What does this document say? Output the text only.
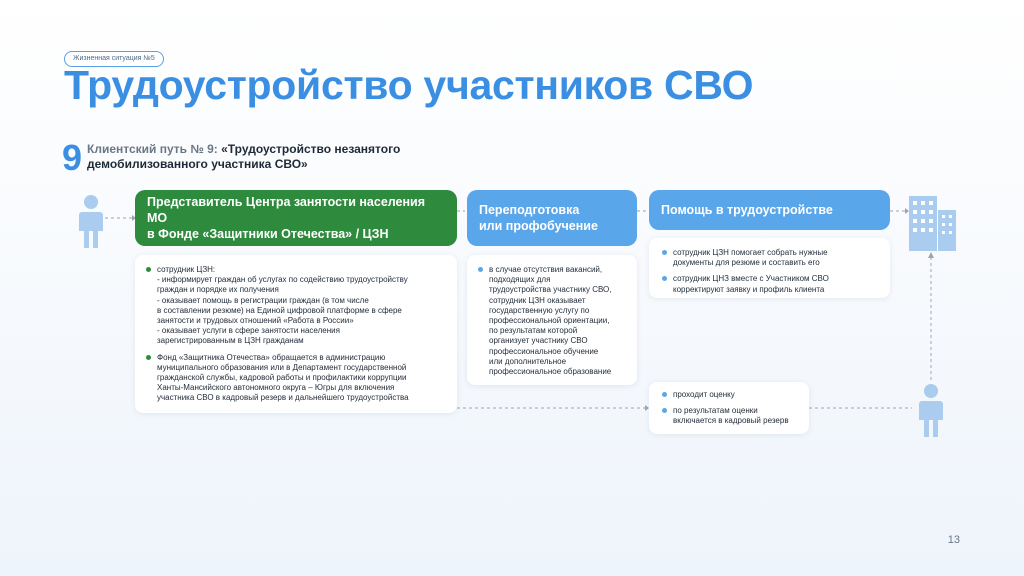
Жизненная ситуация №5
Трудоустройство участников СВО
9 Клиентский путь № 9: «Трудоустройство незанятого
демобилизованного участника СВО»
Представитель Центра занятости населения МО
в Фонде «Защитники Отечества» / ЦЗН
Переподготовка
или профобучение
Помощь в трудоустройстве
сотрудник ЦЗН:
- информирует граждан об услугах по содействию трудоустройству
граждан и порядке их получения
- оказывает помощь в регистрации граждан (в том числе
в составлении резюме) на Единой цифровой платформе в сфере
занятости и трудовых отношений «Работа в России»
- оказывает услуги в сфере занятости населения
зарегистрированным в ЦЗН гражданам
Фонд «Защитника Отечества» обращается в администрацию
муниципального образования или в Департамент государственной
гражданской службы, кадровой работы и профилактики коррупции
Ханты-Мансийского автономного округа – Югры для включения
участника СВО в кадровый резерв и дальнейшего трудоустройства
в случае отсутствия вакансий,
подходящих для
трудоустройства участнику СВО,
сотрудник ЦЗН оказывает
государственную услугу по
профессиональной ориентации,
по результатам которой
организует участнику СВО
профессиональное обучение
или дополнительное
профессиональное образование
сотрудник ЦЗН помогает собрать нужные
документы для резюме и составить его
сотрудник ЦНЗ вместе с Участником СВО
корректируют заявку и профиль клиента
проходит оценку
по результатам оценки
включается в кадровый резерв
13
